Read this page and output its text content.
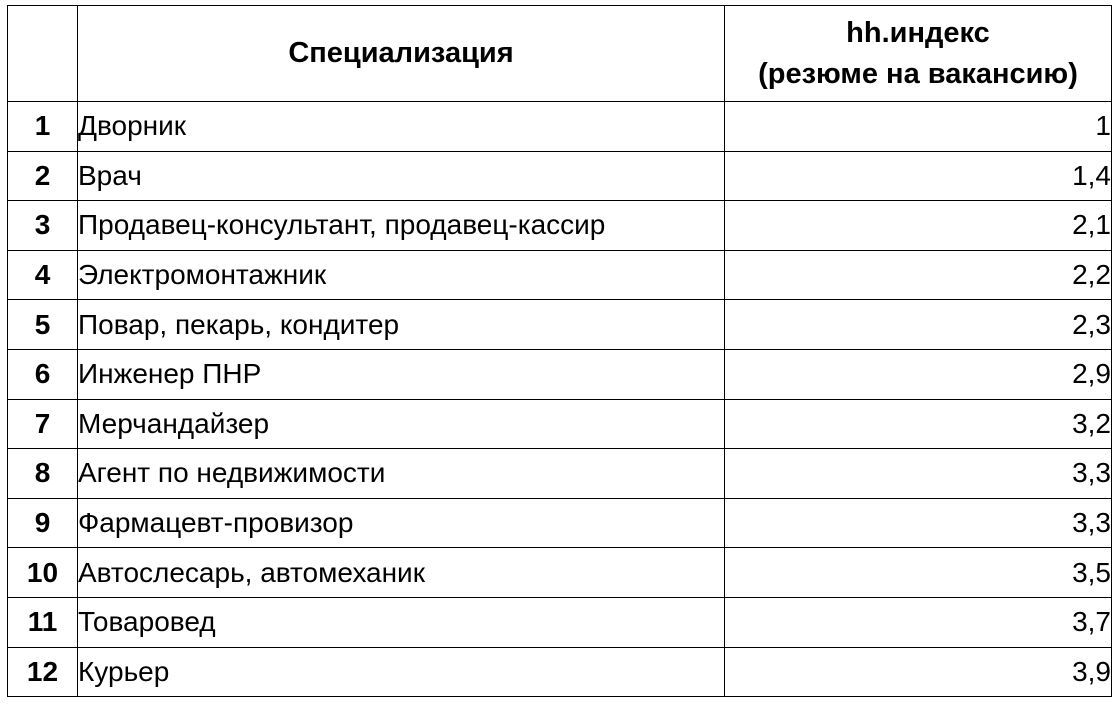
	Специализация	hh.индекс
(резюме на вакансию)

1	Дворник	1
2	Врач	1,4
3	Продавец-консультант, продавец-кассир	2,1
4	Электромонтажник	2,2
5	Повар, пекарь, кондитер	2,3
6	Инженер ПНР	2,9
7	Мерчандайзер	3,2
8	Агент по недвижимости	3,3
9	Фармацевт-провизор	3,3
10	Автослесарь, автомеханик	3,5
11	Товаровед	3,7
12	Курьер	3,9
